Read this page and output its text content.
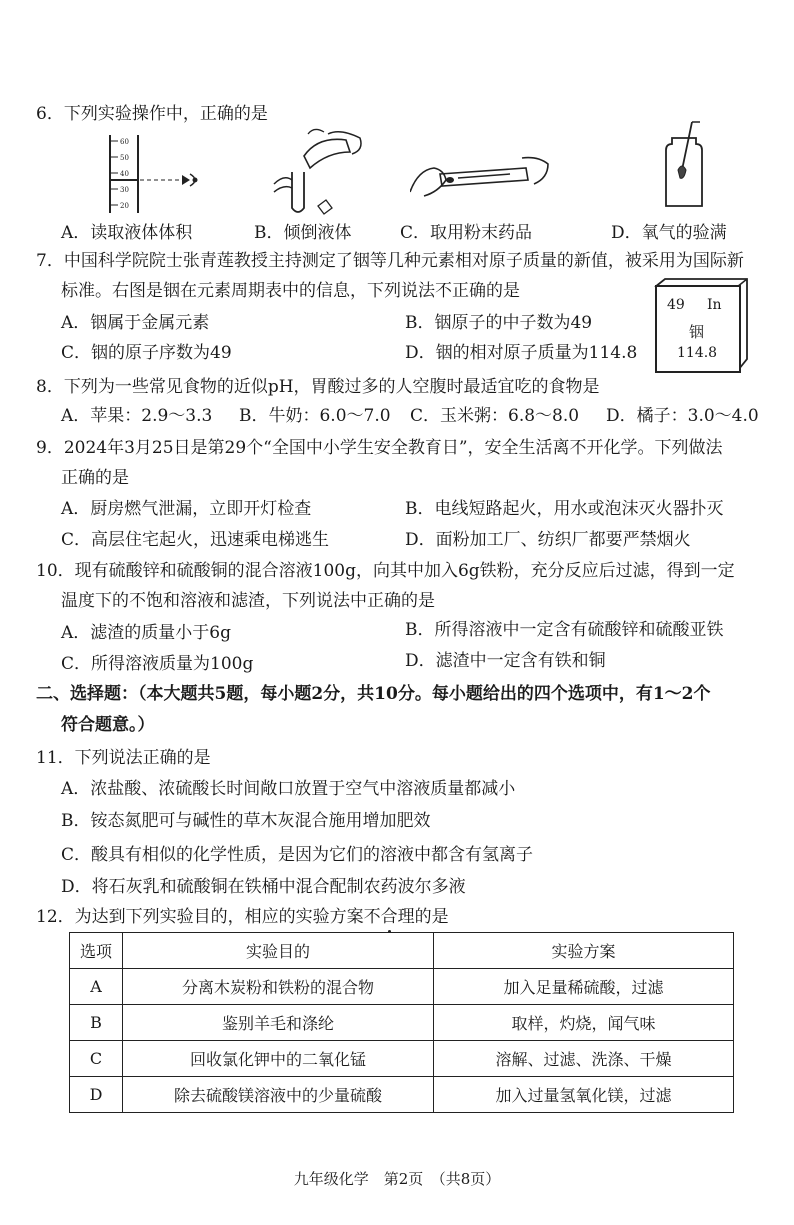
6．下列实验操作中，正确的是
60
50
40
30
20
A．读取液体体积	B．倾倒液体	C．取用粉末药品	D．氧气的验满
7．中国科学院院士张青莲教授主持测定了铟等几种元素相对原子质量的新值，被采用为国际新
标准。右图是铟在元素周期表中的信息，下列说法不正确的是
A．铟属于金属元素	B．铟原子的中子数为49
C．铟的原子序数为49	D．铟的相对原子质量为114.8
49 In
铟
114.8
8．下列为一些常见食物的近似pH，胃酸过多的人空腹时最适宜吃的食物是
A．苹果：2.9～3.3 B．牛奶：6.0～7.0 C．玉米粥：6.8～8.0 D．橘子：3.0～4.0
9．2024年3月25日是第29个“全国中小学生安全教育日”，安全生活离不开化学。下列做法
正确的是
A．厨房燃气泄漏，立即开灯检查	B．电线短路起火，用水或泡沫灭火器扑灭
C．高层住宅起火，迅速乘电梯逃生	D．面粉加工厂、纺织厂都要严禁烟火
10．现有硫酸锌和硫酸铜的混合溶液100g，向其中加入6g铁粉，充分反应后过滤，得到一定
温度下的不饱和溶液和滤渣，下列说法中正确的是
A．滤渣的质量小于6g	B．所得溶液中一定含有硫酸锌和硫酸亚铁
C．所得溶液质量为100g	D．滤渣中一定含有铁和铜
二、选择题：（本大题共5题，每小题2分，共10分。每小题给出的四个选项中，有1～2个
符合题意。）
11．下列说法正确的是
A．浓盐酸、浓硫酸长时间敞口放置于空气中溶液质量都减小
B．铵态氮肥可与碱性的草木灰混合施用增加肥效
C．酸具有相似的化学性质，是因为它们的溶液中都含有氢离子
D．将石灰乳和硫酸铜在铁桶中混合配制农药波尔多液
12．为达到下列实验目的，相应的实验方案不合理的是
选项	实验目的	实验方案
A	分离木炭粉和铁粉的混合物	加入足量稀硫酸，过滤
B	鉴别羊毛和涤纶	取样，灼烧，闻气味
C	回收氯化钾中的二氧化锰	溶解、过滤、洗涤、干燥
D	除去硫酸镁溶液中的少量硫酸	加入过量氢氧化镁，过滤
九年级化学　第2页　（共8页）
